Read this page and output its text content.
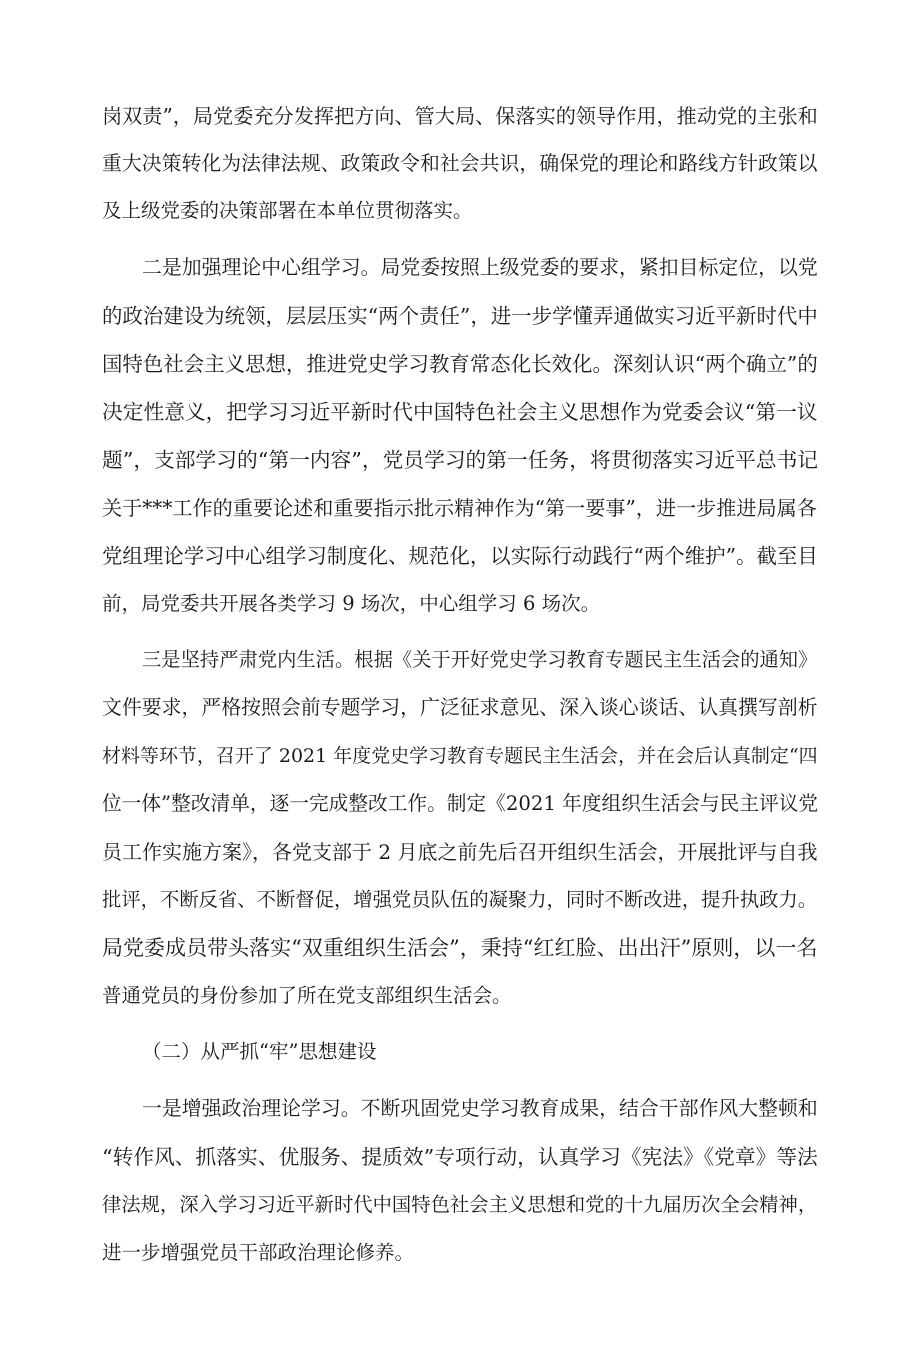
岗双责”，局党委充分发挥把方向、管大局、保落实的领导作用，推动党的主张和
重大决策转化为法律法规、政策政令和社会共识，确保党的理论和路线方针政策以
及上级党委的决策部署在本单位贯彻落实。
二是加强理论中心组学习。局党委按照上级党委的要求，紧扣目标定位，以党
的政治建设为统领，层层压实“两个责任”，进一步学懂弄通做实习近平新时代中
国特色社会主义思想，推进党史学习教育常态化长效化。深刻认识“两个确立”的
决定性意义，把学习习近平新时代中国特色社会主义思想作为党委会议“第一议
题”，支部学习的“第一内容”，党员学习的第一任务，将贯彻落实习近平总书记
关于***工作的重要论述和重要指示批示精神作为“第一要事”，进一步推进局属各
党组理论学习中心组学习制度化、规范化，以实际行动践行“两个维护”。截至目
前，局党委共开展各类学习 9 场次，中心组学习 6 场次。
三是坚持严肃党内生活。根据《关于开好党史学习教育专题民主生活会的通知》
文件要求，严格按照会前专题学习，广泛征求意见、深入谈心谈话、认真撰写剖析
材料等环节，召开了 2021 年度党史学习教育专题民主生活会，并在会后认真制定“四
位一体”整改清单，逐一完成整改工作。制定《2021 年度组织生活会与民主评议党
员工作实施方案》，各党支部于 2 月底之前先后召开组织生活会，开展批评与自我
批评，不断反省、不断督促，增强党员队伍的凝聚力，同时不断改进，提升执政力。
局党委成员带头落实“双重组织生活会”，秉持“红红脸、出出汗”原则，以一名
普通党员的身份参加了所在党支部组织生活会。
（二）从严抓“牢”思想建设
一是增强政治理论学习。不断巩固党史学习教育成果，结合干部作风大整顿和
“转作风、抓落实、优服务、提质效”专项行动，认真学习《宪法》《党章》等法
律法规，深入学习习近平新时代中国特色社会主义思想和党的十九届历次全会精神，
进一步增强党员干部政治理论修养。
